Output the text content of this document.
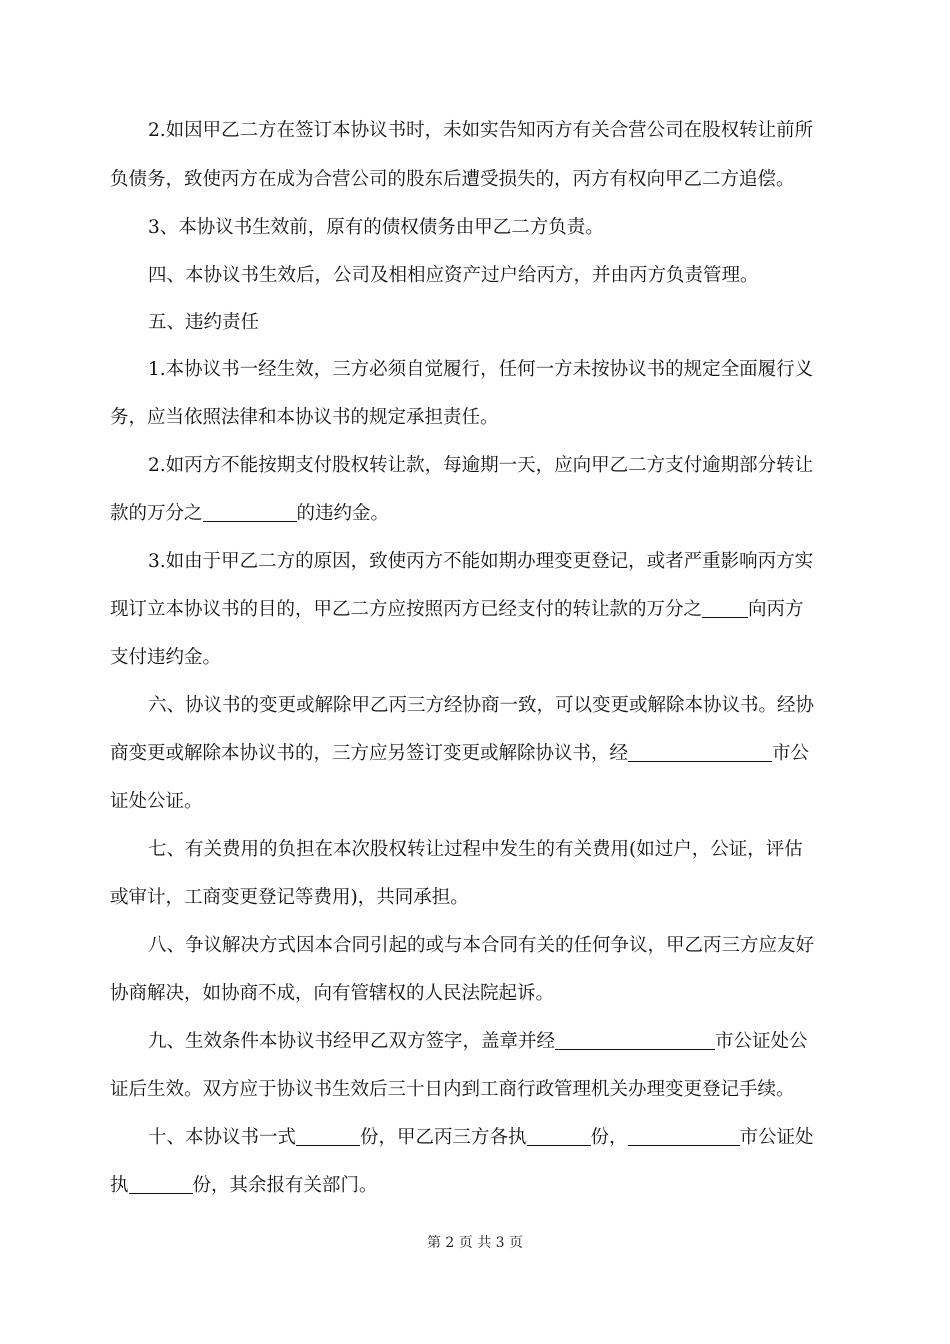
2.如因甲乙二方在签订本协议书时，未如实告知丙方有关合营公司在股权转让前所
负债务，致使丙方在成为合营公司的股东后遭受损失的，丙方有权向甲乙二方追偿。
3、本协议书生效前，原有的债权债务由甲乙二方负责。
四、本协议书生效后，公司及相相应资产过户给丙方，并由丙方负责管理。
五、违约责任
1.本协议书一经生效，三方必须自觉履行，任何一方未按协议书的规定全面履行义
务，应当依照法律和本协议书的规定承担责任。
2.如丙方不能按期支付股权转让款，每逾期一天，应向甲乙二方支付逾期部分转让
款的万分之	的违约金。
3.如由于甲乙二方的原因，致使丙方不能如期办理变更登记，或者严重影响丙方实
现订立本协议书的目的，甲乙二方应按照丙方已经支付的转让款的万分之 向丙方
支付违约金。
六、协议书的变更或解除甲乙丙三方经协商一致，可以变更或解除本协议书。经协
商变更或解除本协议书的，三方应另签订变更或解除协议书，经	市公
证处公证。
七、有关费用的负担在本次股权转让过程中发生的有关费用(如过户，公证，评估
或审计，工商变更登记等费用)，共同承担。
八、争议解决方式因本合同引起的或与本合同有关的任何争议，甲乙丙三方应友好
协商解决，如协商不成，向有管辖权的人民法院起诉。
九、生效条件本协议书经甲乙双方签字，盖章并经	市公证处公
证后生效。双方应于协议书生效后三十日内到工商行政管理机关办理变更登记手续。
十、本协议书一式	份，甲乙丙三方各执	份，	市公证处
执	份，其余报有关部门。
第 2 页 共 3 页
